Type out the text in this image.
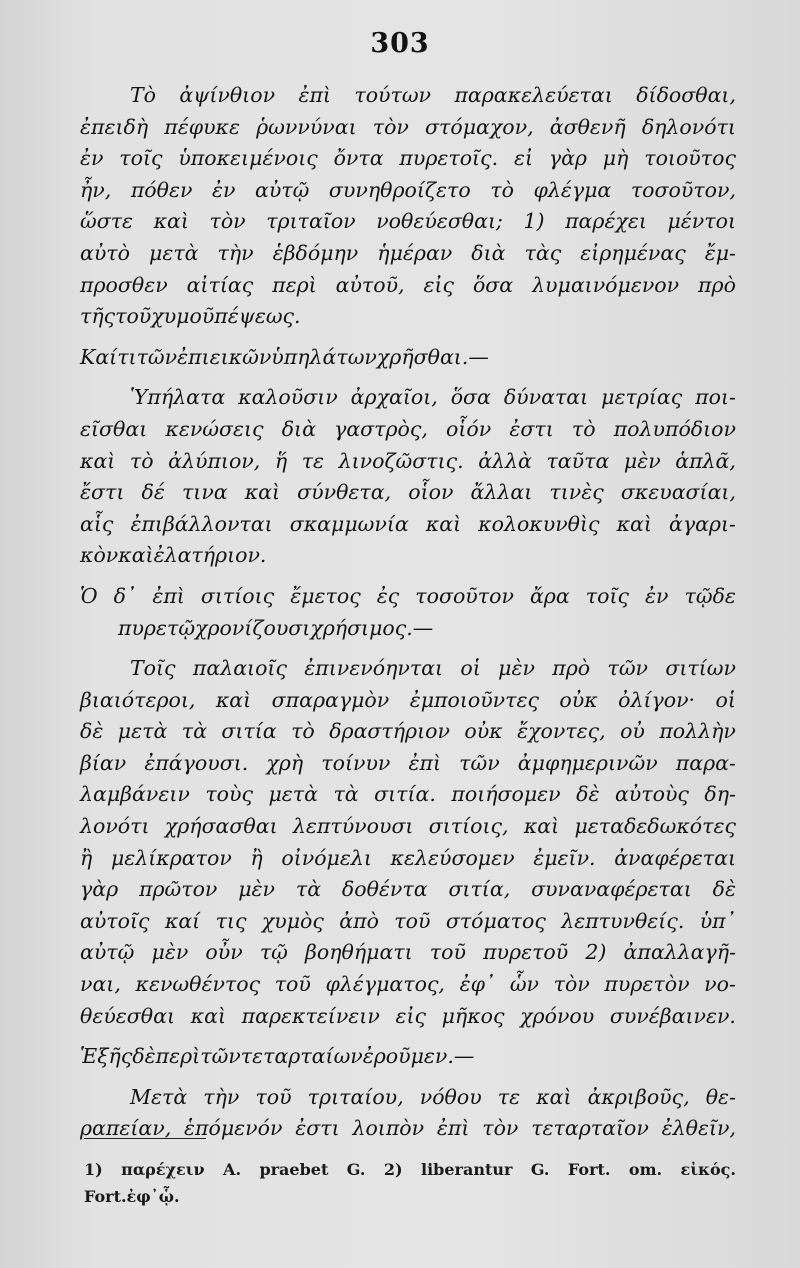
303
Τὸ ἀψίνθιον ἐπὶ τούτων παρακελεύεται δίδοσθαι,
ἐπειδὴ πέφυκε ῥωννύναι τὸν στόμαχον, ἀσθενῆ δηλονότι
ἐν τοῖς ὑποκειμένοις ὄντα πυρετοῖς. εἰ γὰρ μὴ τοιοῦτος
ἦν, πόθεν ἐν αὐτῷ συνηθροίζετο τὸ φλέγμα τοσοῦτον,
ὥστε καὶ τὸν τριταῖον νοθεύεσθαι; 1) παρέχει μέντοι
αὐτὸ μετὰ τὴν ἑβδόμην ἡμέραν διὰ τὰς εἰρημένας ἔμ-
προσθεν αἰτίας περὶ αὐτοῦ, εἰς ὅσα λυμαινόμενον πρὸ
τῆς τοῦ χυμοῦ πέψεως.
Καί τι τῶν ἐπιεικῶν ὑπηλάτων χρῆσθαι. —
Ὑπήλατα καλοῦσιν ἀρχαῖοι, ὅσα δύναται μετρίας ποι-
εῖσθαι κενώσεις διὰ γαστρὸς, οἷόν ἐστι τὸ πολυπόδιον
καὶ τὸ ἀλύπιον, ἥ τε λινοζῶστις. ἀλλὰ ταῦτα μὲν ἁπλᾶ,
ἔστι δέ τινα καὶ σύνθετα, οἷον ἄλλαι τινὲς σκευασίαι,
αἷς ἐπιβάλλονται σκαμμωνία καὶ κολοκυνθὶς καὶ ἀγαρι-
κὸν καὶ ἐλατήριον.
Ὁ δ᾽ ἐπὶ σιτίοις ἔμετος ἐς τοσοῦτον ἄρα τοῖς ἐν τῷδε
πυρετῷ χρονίζουσι χρήσιμος. —
Τοῖς παλαιοῖς ἐπινενόηνται οἱ μὲν πρὸ τῶν σιτίων
βιαιότεροι, καὶ σπαραγμὸν ἐμποιοῦντες οὐκ ὀλίγον· οἱ
δὲ μετὰ τὰ σιτία τὸ δραστήριον οὐκ ἔχοντες, οὐ πολλὴν
βίαν ἐπάγουσι. χρὴ τοίνυν ἐπὶ τῶν ἀμφημερινῶν παρα-
λαμβάνειν τοὺς μετὰ τὰ σιτία. ποιήσομεν δὲ αὐτοὺς δη-
λονότι χρήσασθαι λεπτύνουσι σιτίοις, καὶ μεταδεδωκότες
ἢ μελίκρατον ἢ οἰνόμελι κελεύσομεν ἐμεῖν. ἀναφέρεται
γὰρ πρῶτον μὲν τὰ δοθέντα σιτία, συναναφέρεται δὲ
αὐτοῖς καί τις χυμὸς ἀπὸ τοῦ στόματος λεπτυνθείς. ὑπ᾽
αὐτῷ μὲν οὖν τῷ βοηθήματι τοῦ πυρετοῦ 2) ἀπαλλαγῆ-
ναι, κενωθέντος τοῦ φλέγματος, ἐφ᾽ ὧν τὸν πυρετὸν νο-
θεύεσθαι καὶ παρεκτείνειν εἰς μῆκος χρόνου συνέβαινεν.
Ἑξῆς δὲ περὶ τῶν τεταρταίων ἐροῦμεν. —
Μετὰ τὴν τοῦ τριταίου, νόθου τε καὶ ἀκριβοῦς, θε-
ραπείαν, ἑπόμενόν ἐστι λοιπὸν ἐπὶ τὸν τεταρταῖον ἐλθεῖν,
1) παρέχειν A. praebet G. 2) liberantur G. Fort. om. εἰκός.
Fort. ἐφ᾽ ᾧ.
